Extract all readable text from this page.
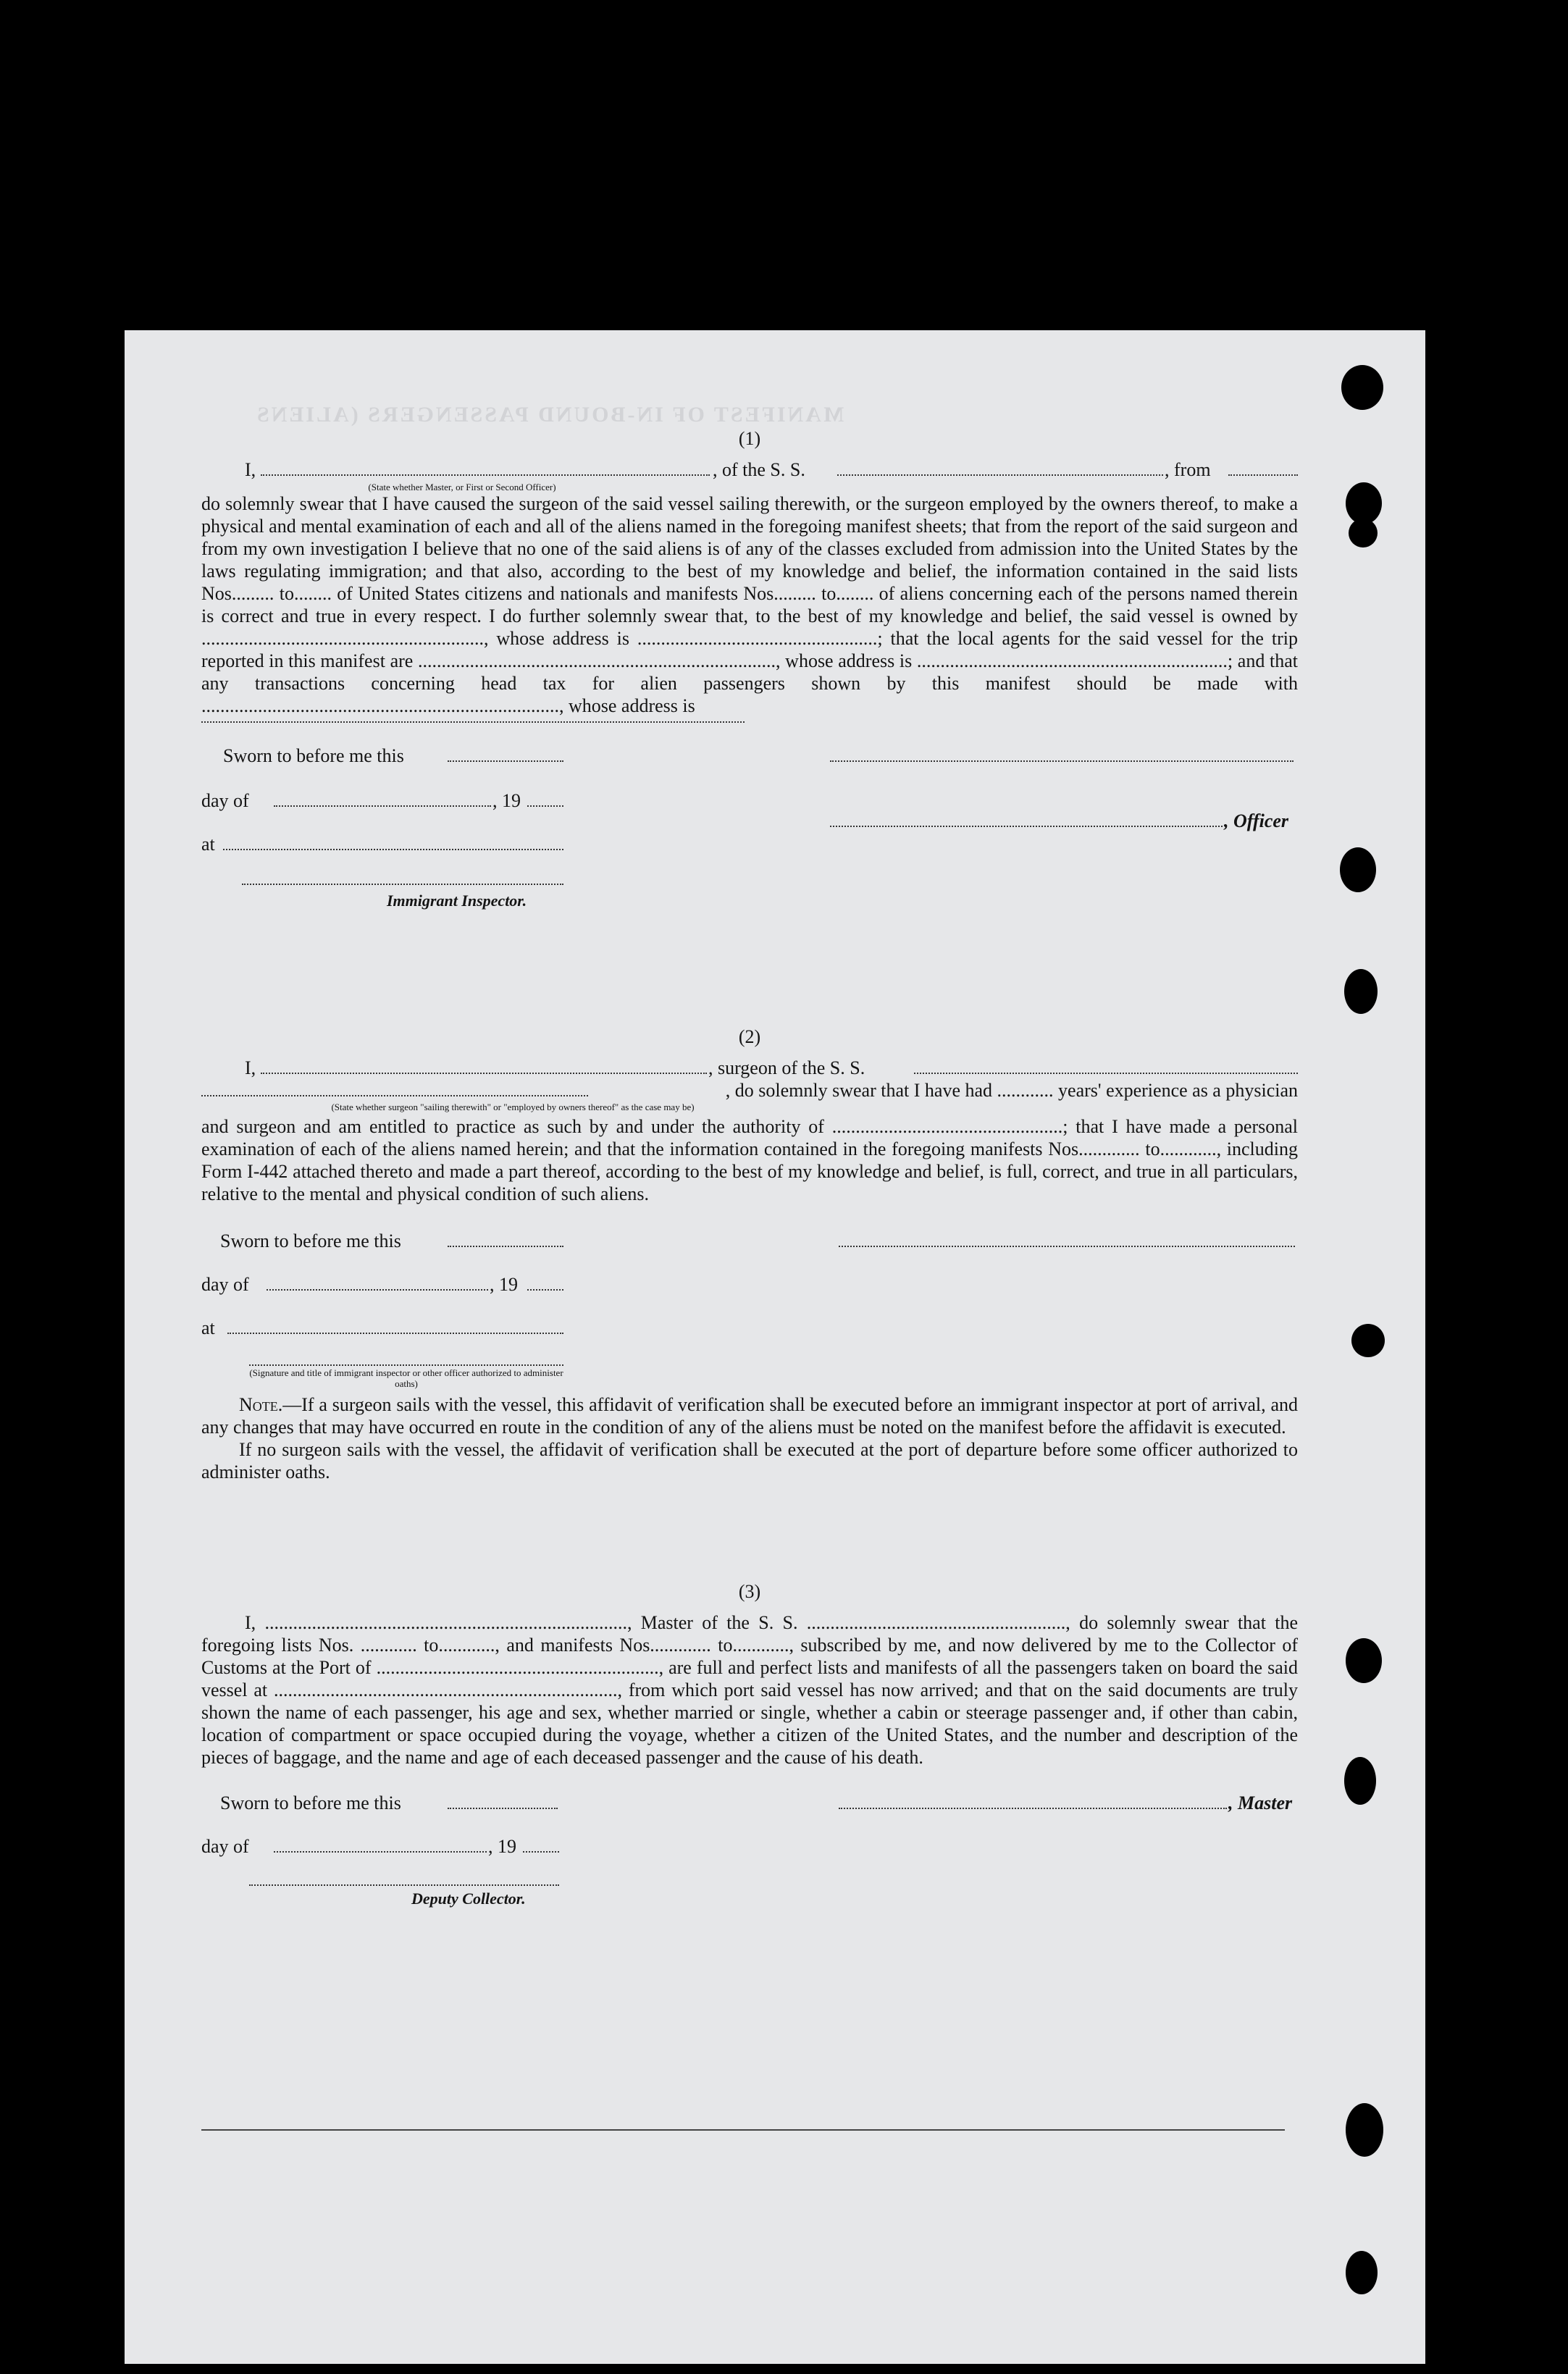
MANIFEST OF IN-BOUND PASSENGERS (ALIENS
(1)
I,	, of the S. S.	, from
(State whether Master, or First or Second Officer)

do solemnly swear that I have caused the surgeon of the said vessel sailing therewith, or the surgeon employed by the owners thereof, to make a physical and mental examination of each and all of the aliens named in the foregoing manifest sheets; that from the report of the said surgeon and from my own investigation I believe that no one of the said aliens is of any of the classes excluded from admission into the United States by the laws regulating immigration; and that also, according to the best of my knowledge and belief, the information contained in the said lists Nos......... to........ of United States citizens and nationals and manifests Nos......... to........ of aliens concerning each of the persons named therein is correct and true in every respect. I do further solemnly swear that, to the best of my knowledge and belief, the said vessel is owned by ............................................................, whose address is ...................................................; that the local agents for the said vessel for the trip reported in this manifest are ............................................................................, whose address is ..................................................................; and that any transactions concerning head tax for alien passengers shown by this manifest should be made with ............................................................................, whose address is

Sworn to before me this
day of	, 19
, Officer
at
Immigrant Inspector.
(2)
I,	, surgeon of the S. S.
, do solemnly swear that I have had ............ years' experience as a physician
(State whether surgeon "sailing therewith" or "employed by owners thereof" as the case may be)

and surgeon and am entitled to practice as such by and under the authority of .................................................; that I have made a personal examination of each of the aliens named herein; and that the information contained in the foregoing manifests Nos............. to............, including Form I-442 attached thereto and made a part thereof, according to the best of my knowledge and belief, is full, correct, and true in all particulars, relative to the mental and physical condition of such aliens.

Sworn to before me this
day of	, 19
at
(Signature and title of immigrant inspector or other officer authorized to administer oaths)

Note.—If a surgeon sails with the vessel, this affidavit of verification shall be executed before an immigrant inspector at port of arrival, and any changes that may have occurred en route in the condition of any of the aliens must be noted on the manifest before the affidavit is executed.

If no surgeon sails with the vessel, the affidavit of verification shall be executed at the port of departure before some officer authorized to administer oaths.

(3)

I, ............................................................................., Master of the S. S. ......................................................., do solemnly swear that the foregoing lists Nos. ............ to............, and manifests Nos............. to............, subscribed by me, and now delivered by me to the Collector of Customs at the Port of ............................................................, are full and perfect lists and manifests of all the passengers taken on board the said vessel at ........................................................................., from which port said vessel has now arrived; and that on the said documents are truly shown the name of each passenger, his age and sex, whether married or single, whether a cabin or steerage passenger and, if other than cabin, location of compartment or space occupied during the voyage, whether a citizen of the United States, and the number and description of the pieces of baggage, and the name and age of each deceased passenger and the cause of his death.

Sworn to before me this	, Master
day of	, 19
Deputy Collector.
